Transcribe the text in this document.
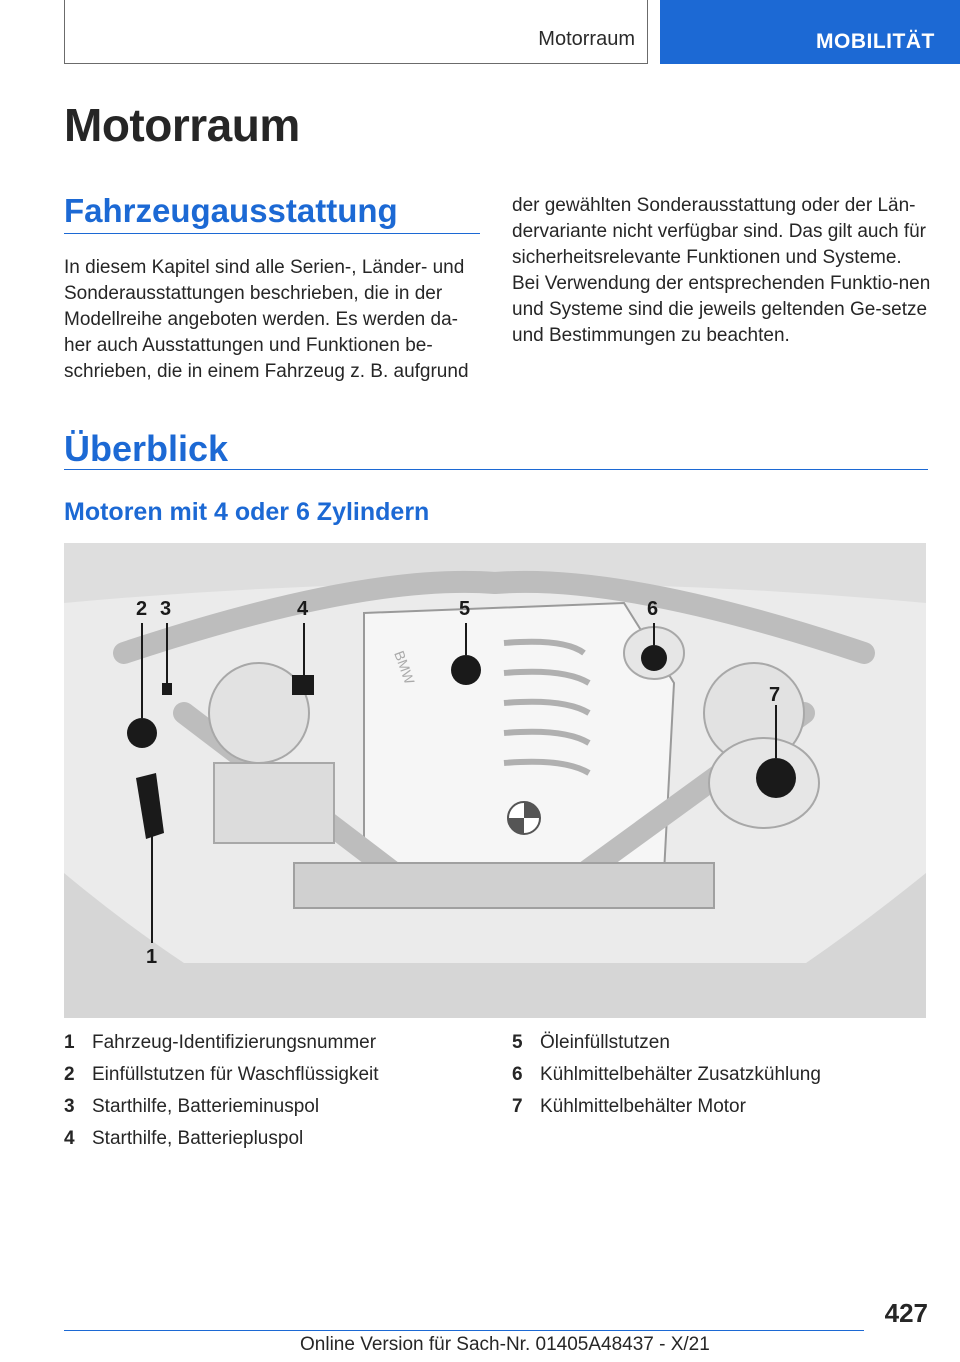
Motorraum	MOBILITÄT
Motorraum
Fahrzeugausstattung

In diesem Kapitel sind alle Serien-, Länder- und Sonderausstattungen beschrieben, die in der Modellreihe angeboten werden. Es werden da-her auch Ausstattungen und Funktionen be-schrieben, die in einem Fahrzeug z. B. aufgrund

der gewählten Sonderausstattung oder der Län-dervariante nicht verfügbar sind. Das gilt auch für sicherheitsrelevante Funktionen und Systeme. Bei Verwendung der entsprechenden Funktio-nen und Systeme sind die jeweils geltenden Ge-setze und Bestimmungen zu beachten.

Überblick
Motoren mit 4 oder 6 Zylindern
BMW
1
2 3	4	5	6
7
1 Fahrzeug-Identifizierungsnummer
2 Einfüllstutzen für Waschflüssigkeit
3 Starthilfe, Batterieminuspol
4 Starthilfe, Batteriepluspol
5 Öleinfüllstutzen
6 Kühlmittelbehälter Zusatzkühlung
7 Kühlmittelbehälter Motor
427
Online Version für Sach-Nr. 01405A48437 - X/21
